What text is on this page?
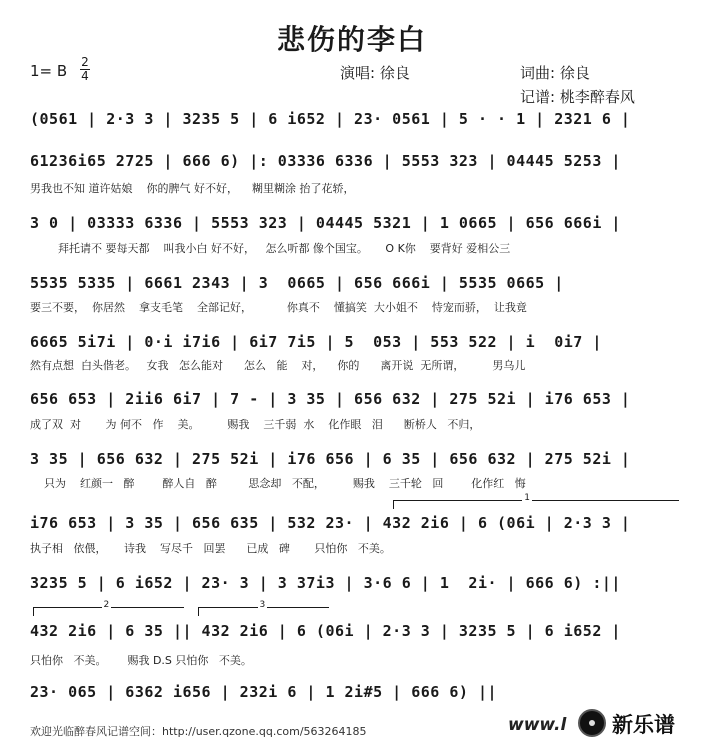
悲伤的李白
1= B 2
4	演唱: 徐良	词曲: 徐良
记谱: 桃李醉春风
(0561 | 2·3 3 | 3235 5 | 6 i652 | 23· 0561 | 5 · · 1 | 2321 6 |
61236i65 2725 | 666 6) |: 03336 6336 | 5553 323 | 04445 5253 |
男我也不知 道许姑娘    你的脾气 好不好，    糊里糊涂 抬了花轿，
3 0 | 03333 6336 | 5553 323 | 04445 5321 | 1 0665 | 656 666i |
拜托请不 要每天都    叫我小白 好不好，   怎么听都 像个国宝。     O K你    要背好 爱相公三
5535 5335 | 6661 2343 | 3  0665 | 656 666i | 5535 0665 |
要三不要，  你居然    拿支毛笔    全部记好，          你真不    懂搞笑  大小姐不    恃宠而骄，  让我竟
6665 5i7i | 0·i i7i6 | 6i7 7i5 | 5  053 | 553 522 | i  0i7 |
然有点想  白头偕老。   女我   怎么能对      怎么   能    对，    你的      离开说  无所谓，        男乌儿
656 653 | 2ii6 6i7 | 7 - | 3 35 | 656 632 | 275 52i | i76 653 |
成了双  对       为 何不   作    美。        赐我    三千弱  水    化作眼   泪      断桥人   不归，
3 35 | 656 632 | 275 52i | i76 656 | 6 35 | 656 632 | 275 52i |
只为    红颜一   醉        醉人自   醉         思念却   不配，        赐我    三千轮   回        化作红   悔
1
i76 653 | 3 35 | 656 635 | 532 23· | 432 2i6 | 6 (06i | 2·3 3 |
执子相   依偎，     诗我    写尽千   回罢      已成   碑       只怕你   不美。
3235 5 | 6 i652 | 23· 3 | 3 37i3 | 3·6 6 | 1  2i· | 666 6) :||
2	3
432 2i6 | 6 35 || 432 2i6 | 6 (06i | 2·3 3 | 3235 5 | 6 i652 |
只怕你   不美。      赐我 D.S 只怕你   不美。
23· 065 | 6362 i656 | 232i 6 | 1 2i#5 | 666 6) ||
欢迎光临醉春风记谱空间：http://user.qzone.qq.com/563264185	www.l 新乐谱
